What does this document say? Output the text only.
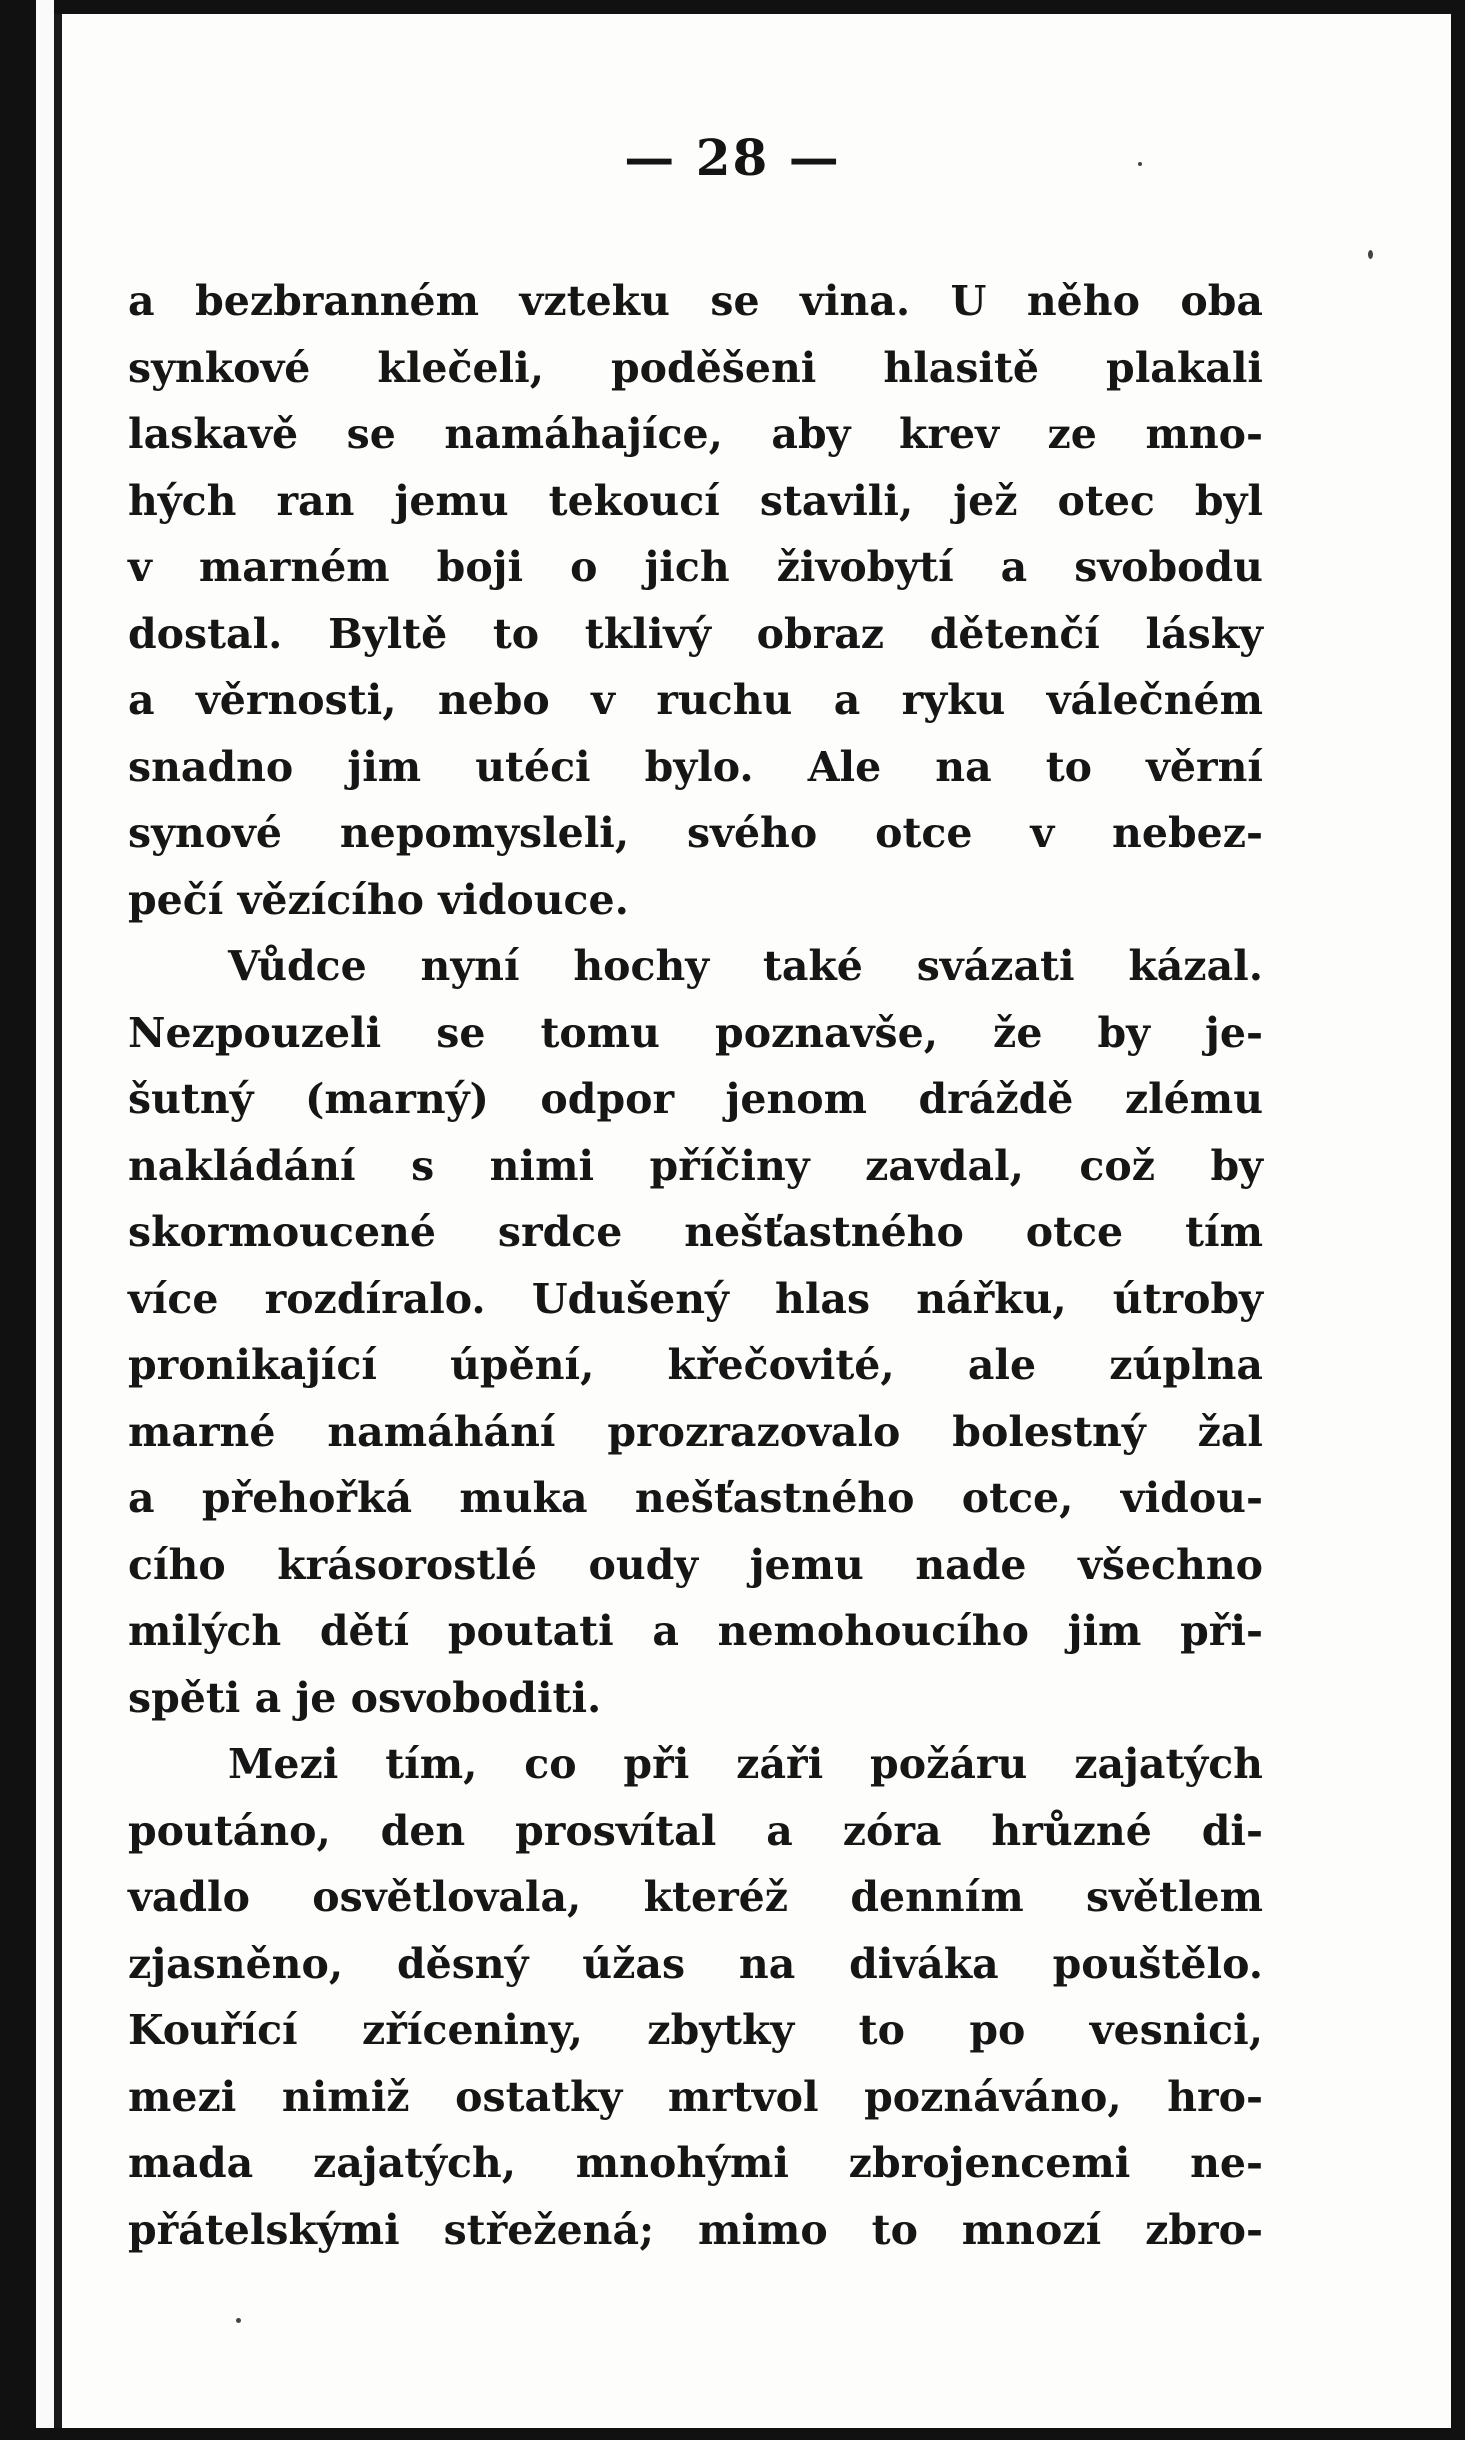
— 28 —
a bezbranném vzteku se vina. U něho oba
synkové klečeli, poděšeni hlasitě plakali
laskavě se namáhajíce, aby krev ze mno-
hých ran jemu tekoucí stavili, jež otec byl
v marném boji o jich živobytí a svobodu
dostal. Byltě to tklivý obraz dětenčí lásky
a věrnosti, nebo v ruchu a ryku válečném
snadno jim utéci bylo. Ale na to věrní
synové nepomysleli, svého otce v nebez-
pečí vězícího vidouce.
Vůdce nyní hochy také svázati kázal.
Nezpouzeli se tomu poznavše, že by je-
šutný (marný) odpor jenom dráždě zlému
nakládání s nimi příčiny zavdal, což by
skormoucené srdce nešťastného otce tím
více rozdíralo. Udušený hlas nářku, útroby
pronikající úpění, křečovité, ale zúplna
marné namáhání prozrazovalo bolestný žal
a přehořká muka nešťastného otce, vidou-
cího krásorostlé oudy jemu nade všechno
milých dětí poutati a nemohoucího jim při-
spěti a je osvoboditi.
Mezi tím, co při záři požáru zajatých
poutáno, den prosvítal a zóra hrůzné di-
vadlo osvětlovala, kteréž denním světlem
zjasněno, děsný úžas na diváka pouštělo.
Kouřící zříceniny, zbytky to po vesnici,
mezi nimiž ostatky mrtvol poznáváno, hro-
mada zajatých, mnohými zbrojencemi ne-
přátelskými střežená; mimo to mnozí zbro-
